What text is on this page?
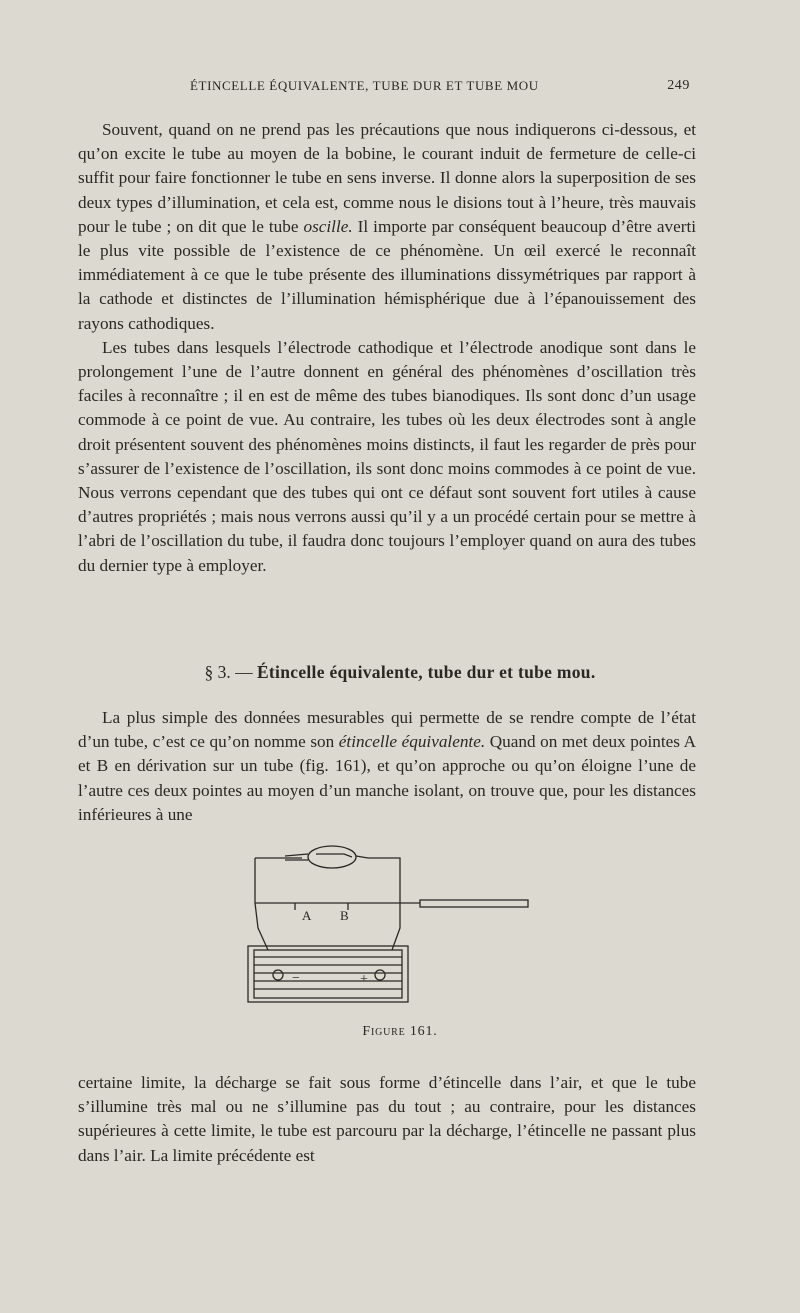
ÉTINCELLE ÉQUIVALENTE, TUBE DUR ET TUBE MOU	249

Souvent, quand on ne prend pas les précautions que nous indiquerons ci-dessous, et qu’on excite le tube au moyen de la bobine, le courant induit de fermeture de celle-ci suffit pour faire fonctionner le tube en sens inverse. Il donne alors la superposition de ses deux types d’illumination, et cela est, comme nous le disions tout à l’heure, très mauvais pour le tube ; on dit que le tube oscille. Il importe par conséquent beaucoup d’être averti le plus vite possible de l’existence de ce phénomène. Un œil exercé le reconnaît immédiatement à ce que le tube présente des illuminations dissymétriques par rapport à la cathode et distinctes de l’illumination hémisphérique due à l’épanouissement des rayons cathodiques.

Les tubes dans lesquels l’électrode cathodique et l’électrode anodique sont dans le prolongement l’une de l’autre donnent en général des phénomènes d’oscillation très faciles à reconnaître ; il en est de même des tubes bianodiques. Ils sont donc d’un usage commode à ce point de vue. Au contraire, les tubes où les deux électrodes sont à angle droit présentent souvent des phénomènes moins distincts, il faut les regarder de près pour s’assurer de l’existence de l’oscillation, ils sont donc moins commodes à ce point de vue. Nous verrons cependant que des tubes qui ont ce défaut sont souvent fort utiles à cause d’autres propriétés ; mais nous verrons aussi qu’il y a un procédé certain pour se mettre à l’abri de l’oscillation du tube, il faudra donc toujours l’employer quand on aura des tubes du dernier type à employer.

§ 3. — Étincelle équivalente, tube dur et tube mou.

La plus simple des données mesurables qui permette de se rendre compte de l’état d’un tube, c’est ce qu’on nomme son étincelle équivalente. Quand on met deux pointes A et B en dérivation sur un tube (fig. 161), et qu’on approche ou qu’on éloigne l’une de l’autre ces deux pointes au moyen d’un manche isolant, on trouve que, pour les distances inférieures à une

A B
−	+
Figure 161.

certaine limite, la décharge se fait sous forme d’étincelle dans l’air, et que le tube s’illumine très mal ou ne s’illumine pas du tout ; au contraire, pour les distances supérieures à cette limite, le tube est parcouru par la décharge, l’étincelle ne passant plus dans l’air. La limite précédente est
